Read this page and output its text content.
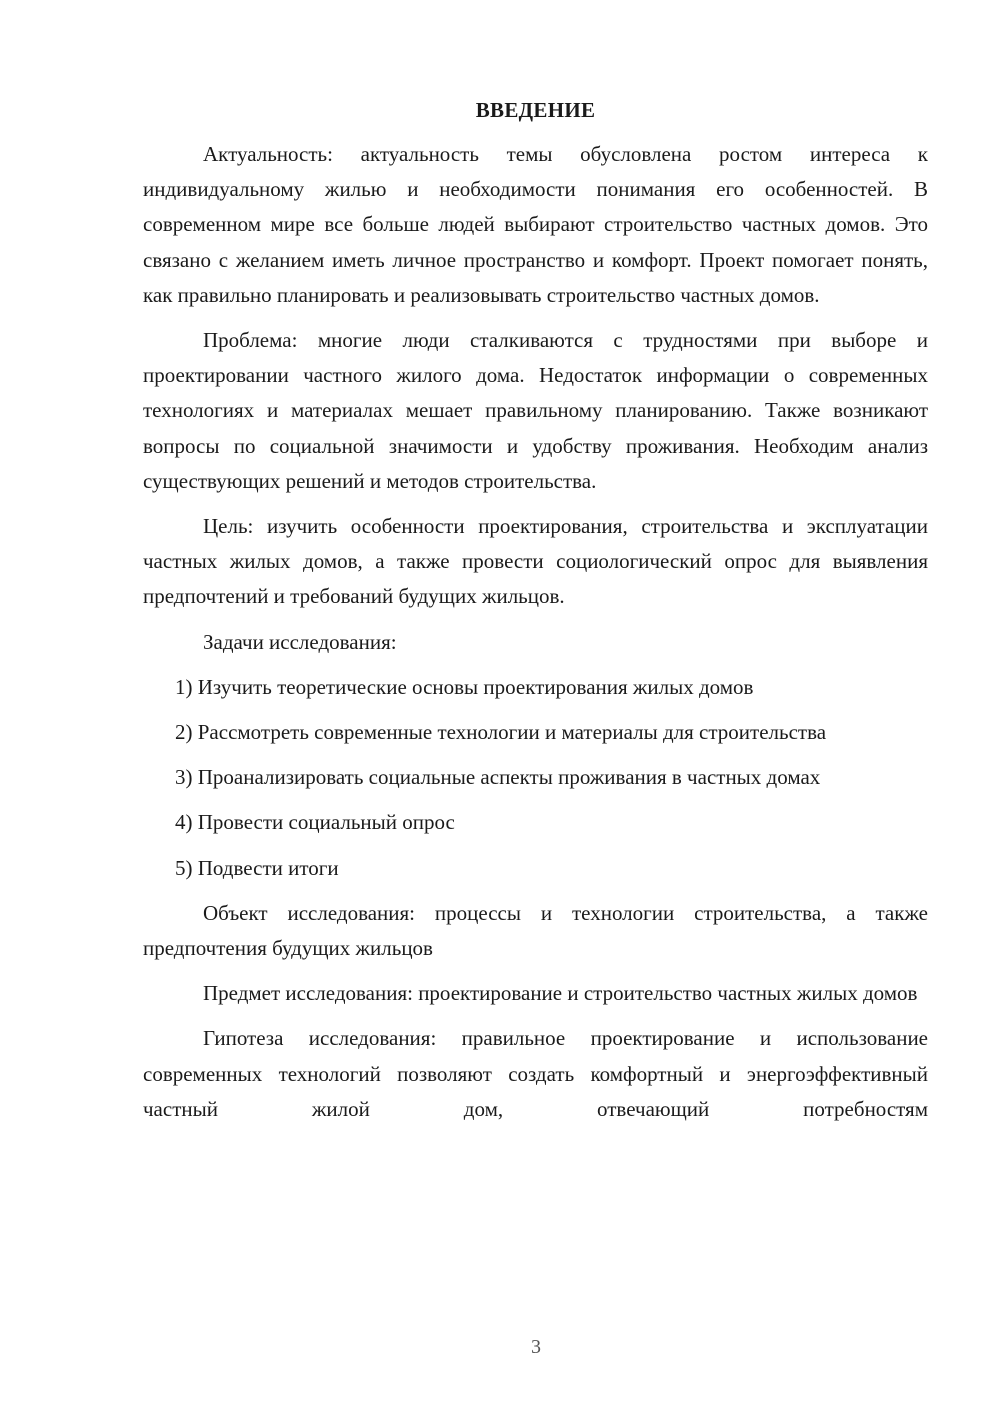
ВВЕДЕНИЕ

Актуальность: актуальность темы обусловлена ростом интереса к индивидуальному жилью и необходимости понимания его особенностей. В современном мире все больше людей выбирают строительство частных домов. Это связано с желанием иметь личное пространство и комфорт. Проект помогает понять, как правильно планировать и реализовывать строительство частных домов.

Проблема: многие люди сталкиваются с трудностями при выборе и проектировании частного жилого дома. Недостаток информации о современных технологиях и материалах мешает правильному планированию. Также возникают вопросы по социальной значимости и удобству проживания. Необходим анализ существующих решений и методов строительства.

Цель: изучить особенности проектирования, строительства и эксплуатации частных жилых домов, а также провести социологический опрос для выявления предпочтений и требований будущих жильцов.

Задачи исследования:

1) Изучить теоретические основы проектирования жилых домов

2) Рассмотреть современные технологии и материалы для строительства

3) Проанализировать социальные аспекты проживания в частных домах

4) Провести социальный опрос

5) Подвести итоги

Объект исследования: процессы и технологии строительства, а также предпочтения будущих жильцов

Предмет исследования: проектирование и строительство частных жилых домов

Гипотеза исследования: правильное проектирование и использование современных технологий позволяют создать комфортный и энергоэффективный частный жилой дом, отвечающий потребностям

3
